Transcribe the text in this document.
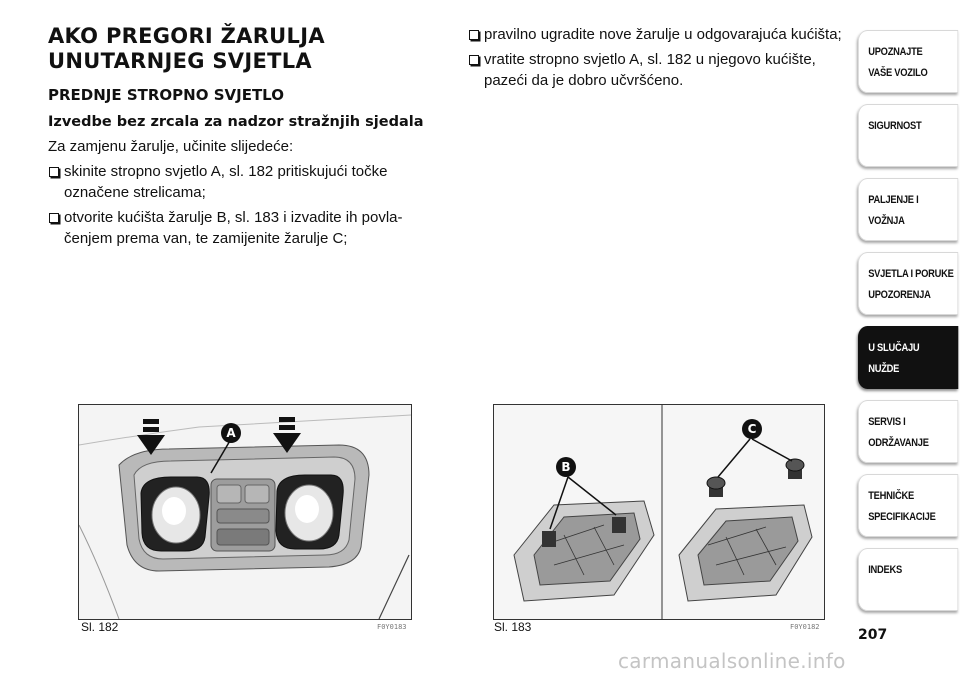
AKO PREGORI ŽARULJA
UNUTARNJEG SVJETLA
PREDNJE STROPNO SVJETLO
Izvedbe bez zrcala za nadzor stražnjih sjedala

Za zamjenu žarulje, učinite slijedeće:

skinite stropno svjetlo A, sl. 182 pritiskujući točke označene strelicama;
otvorite kućišta žarulje B, sl. 183 i izvadite ih povla-čenjem prema van, te zamijenite žarulje C;
pravilno ugradite nove žarulje u odgovarajuća kućišta;
vratite stropno svjetlo A, sl. 182 u njegovo kućište, pazeći da je dobro učvršćeno.
A
Sl. 182	F0Y0183
B
C
Sl. 183	F0Y0182
UPOZNAJTE
VAŠE VOZILO
SIGURNOST
PALJENJE I
VOŽNJA
SVJETLA I PORUKE
UPOZORENJA
U SLUČAJU
NUŽDE
SERVIS I
ODRŽAVANJE
TEHNIČKE
SPECIFIKACIJE
INDEKS
207
carmanualsonline.info
